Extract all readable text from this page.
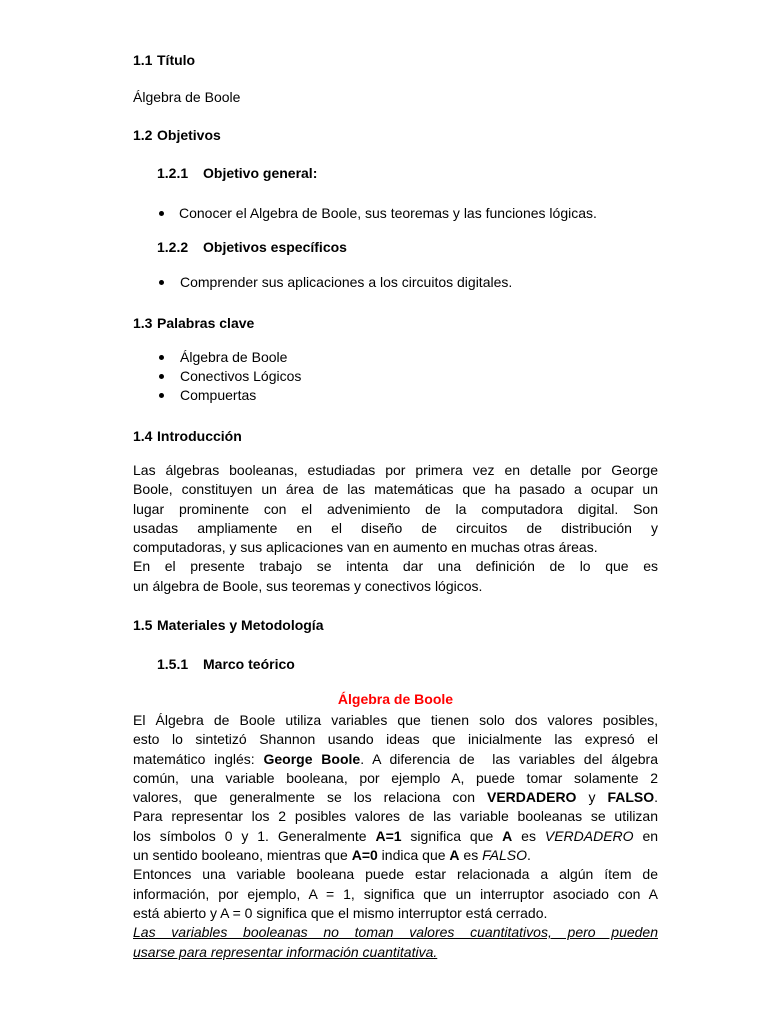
1.1 Título
Álgebra de Boole
1.2 Objetivos
1.2.1 Objetivo general:
Conocer el Algebra de Boole, sus teoremas y las funciones lógicas.
1.2.2 Objetivos específicos
Comprender sus aplicaciones a los circuitos digitales.
1.3 Palabras clave
Álgebra de Boole
Conectivos Lógicos
Compuertas
1.4 Introducción
Las álgebras booleanas, estudiadas por primera vez en detalle por George
Boole, constituyen un área de las matemáticas que ha pasado a ocupar un
lugar prominente con el advenimiento de la computadora digital. Son
usadas ampliamente en el diseño de circuitos de distribución y
computadoras, y sus aplicaciones van en aumento en muchas otras áreas.
En el presente trabajo se intenta dar una definición de lo que es
un álgebra de Boole, sus teoremas y conectivos lógicos.
1.5 Materiales y Metodología
1.5.1 Marco teórico
Álgebra de Boole
El Álgebra de Boole utiliza variables que tienen solo dos valores posibles,
esto lo sintetizó Shannon usando ideas que inicialmente las expresó el
matemático inglés: George Boole. A diferencia de  las variables del álgebra
común, una variable booleana, por ejemplo A, puede tomar solamente 2
valores, que generalmente se los relaciona con VERDADERO y FALSO.
Para representar los 2 posibles valores de las variable booleanas se utilizan
los símbolos 0 y 1. Generalmente A=1 significa que A es VERDADERO en
un sentido booleano, mientras que A=0 indica que A es FALSO.
Entonces una variable booleana puede estar relacionada a algún ítem de
información, por ejemplo, A = 1, significa que un interruptor asociado con A
está abierto y A = 0 significa que el mismo interruptor está cerrado.
Las variables booleanas no toman valores cuantitativos, pero pueden
usarse para representar información cuantitativa.
